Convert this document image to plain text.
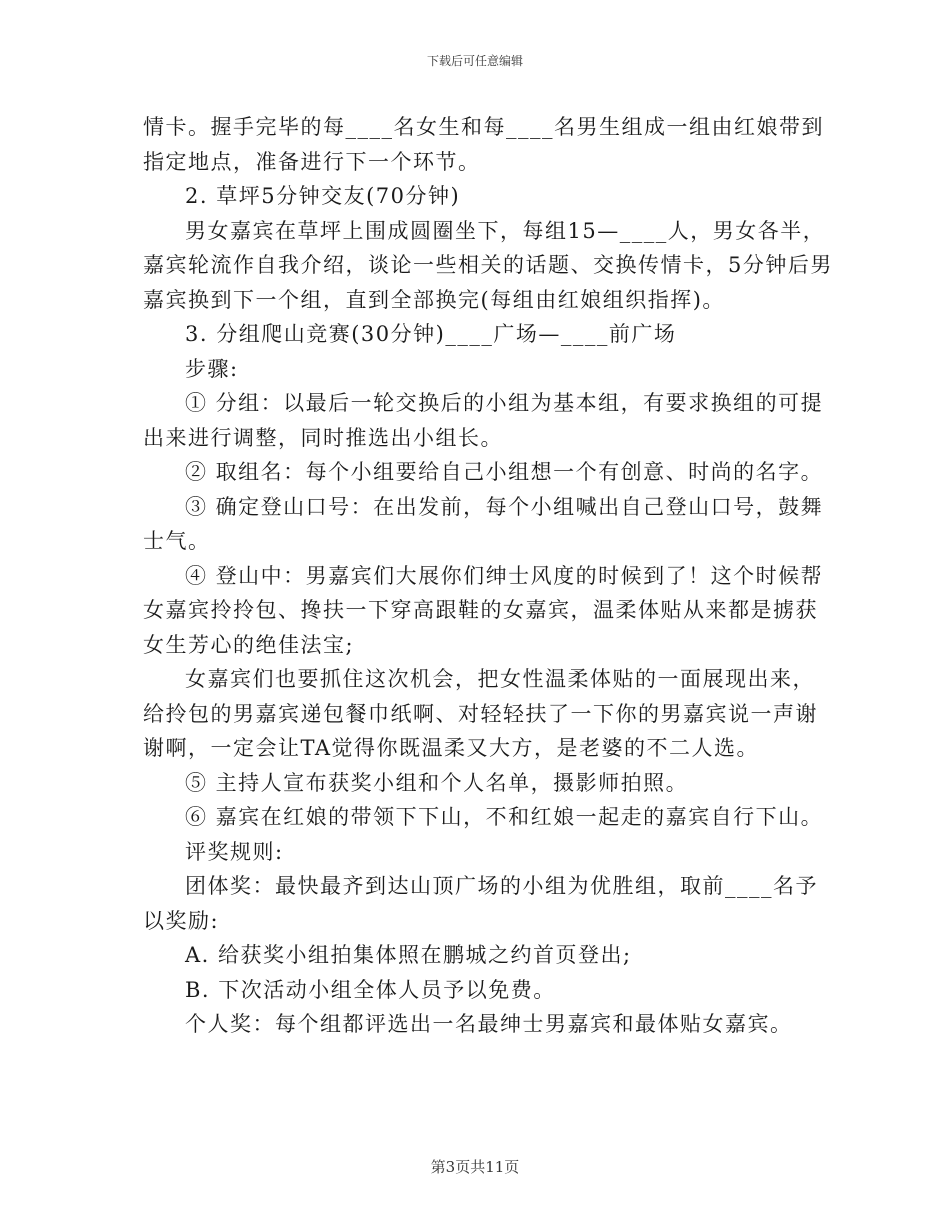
下载后可任意编辑
情卡。握手完毕的每____名女生和每____名男生组成一组由红娘带到
指定地点，准备进行下一个环节。
2. 草坪5分钟交友(70分钟)
男女嘉宾在草坪上围成圆圈坐下，每组15—____人，男女各半，
嘉宾轮流作自我介绍，谈论一些相关的话题、交换传情卡，5分钟后男
嘉宾换到下一个组，直到全部换完(每组由红娘组织指挥)。
3. 分组爬山竞赛(30分钟)____广场—____前广场
步骤:
① 分组：以最后一轮交换后的小组为基本组，有要求换组的可提
出来进行调整，同时推选出小组长。
② 取组名：每个小组要给自己小组想一个有创意、时尚的名字。
③ 确定登山口号：在出发前，每个小组喊出自己登山口号，鼓舞
士气。
④ 登山中：男嘉宾们大展你们绅士风度的时候到了！这个时候帮
女嘉宾拎拎包、搀扶一下穿高跟鞋的女嘉宾，温柔体贴从来都是掳获
女生芳心的绝佳法宝;
女嘉宾们也要抓住这次机会，把女性温柔体贴的一面展现出来，
给拎包的男嘉宾递包餐巾纸啊、对轻轻扶了一下你的男嘉宾说一声谢
谢啊，一定会让TA觉得你既温柔又大方，是老婆的不二人选。
⑤ 主持人宣布获奖小组和个人名单，摄影师拍照。
⑥ 嘉宾在红娘的带领下下山，不和红娘一起走的嘉宾自行下山。
评奖规则:
团体奖：最快最齐到达山顶广场的小组为优胜组，取前____名予
以奖励:
A. 给获奖小组拍集体照在鹏城之约首页登出;
B. 下次活动小组全体人员予以免费。
个人奖：每个组都评选出一名最绅士男嘉宾和最体贴女嘉宾。
第3页共11页
